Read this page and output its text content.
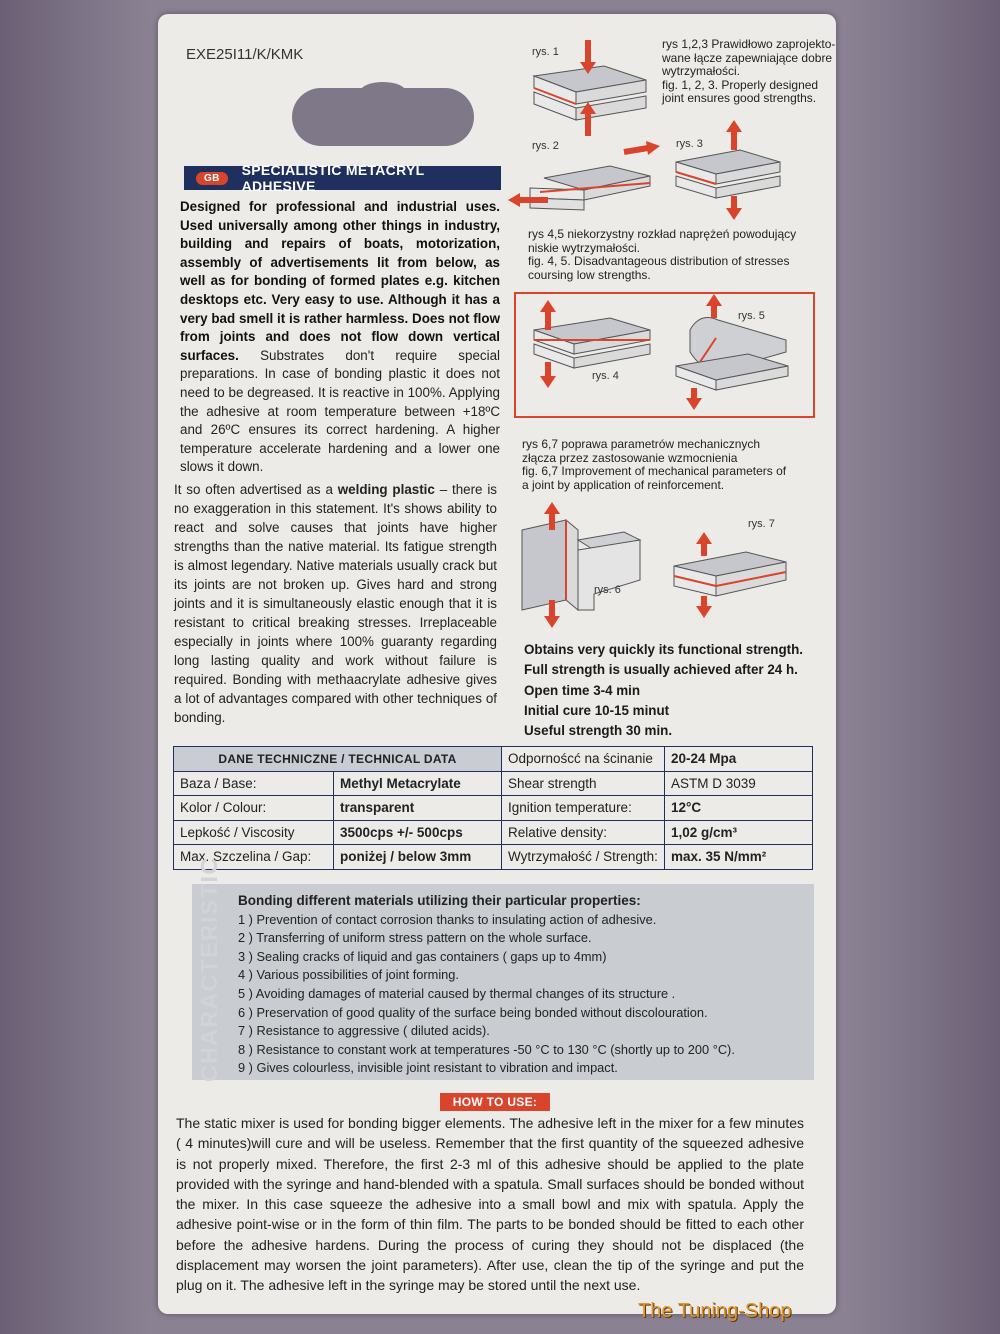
EXE25I11/K/KMK
GB	SPECIALISTIC METACRYL ADHESIVE
Designed for professional and industrial uses. Used universally among other things in industry, building and repairs of boats, motorization, assembly of advertisements lit from below, as well as for bonding of formed plates e.g. kitchen desktops etc. Very easy to use. Although it has a very bad smell it is rather harmless. Does not flow from joints and does not flow down vertical surfaces. Substrates don't require special preparations. In case of bonding plastic it does not need to be degreased. It is reactive in 100%. Applying the adhesive at room temperature between +18ºC and 26ºC ensures its correct hardening. A higher temperature accelerate hardening and a lower one slows it down.
It so often advertised as a welding plastic – there is no exaggeration in this statement. It's shows ability to react and solve causes that joints have higher strengths than the native material. Its fatigue strength is almost legendary. Native materials usually crack but its joints are not broken up. Gives hard and strong joints and it is simultaneously elastic enough that it is resistant to critical breaking stresses. Irreplaceable especially in joints where 100% guaranty regarding long lasting quality and work without failure is required. Bonding with methaacrylate adhesive gives a lot of advantages compared with other techniques of bonding.
rys. 1
rys. 2	rys. 3
rys. 4
rys. 5
rys. 6
rys. 7
rys 1,2,3 Prawidłowo zaprojekto-
wane łącze zapewniające dobre
wytrzymałości.
fig. 1, 2, 3. Properly designed
joint ensures good strengths.
rys 4,5 niekorzystny rozkład naprężeń powodujący
niskie wytrzymałości.
fig. 4, 5. Disadvantageous distribution of stresses
coursing low strengths.
rys 6,7 poprawa parametrów mechanicznych
złącza przez zastosowanie wzmocnienia
fig. 6,7 Improvement of mechanical parameters of
a joint by application of reinforcement.
Obtains very quickly its functional strength.
Full strength is usually achieved after 24 h.
Open time 3-4 min
Initial cure 10-15 minut
Useful strength 30 min.
DANE TECHNICZNE / TECHNICAL DATA		Odpornoścć na ścinanie	20-24 Mpa
Baza / Base:	Methyl Metacrylate	Shear strength	ASTM D 3039
Kolor / Colour:	transparent	Ignition temperature:	12°C
Lepkość / Viscosity	3500cps +/- 500cps	Relative density:	1,02 g/cm³
Max. Szczelina / Gap:	poniżej / below 3mm	Wytrzymałość / Strength:	max. 35 N/mm²
CHARACTERISTIC Bonding different materials utilizing their particular properties:
1 ) Prevention of contact corrosion thanks to insulating action of adhesive.
2 ) Transferring of uniform stress pattern on the whole surface.
3 ) Sealing cracks of liquid and gas containers ( gaps up to 4mm)
4 ) Various possibilities of joint forming.
5 ) Avoiding damages of material caused by thermal changes of its structure .
6 ) Preservation of good quality of the surface being bonded without discolouration.
7 ) Resistance to aggressive ( diluted acids).
8 ) Resistance to constant work at temperatures -50 °C to 130 °C (shortly up to 200 °C).
9 ) Gives colourless, invisible joint resistant to vibration and impact.
HOW TO USE:
The static mixer is used for bonding bigger elements. The adhesive left in the mixer for a few minutes ( 4 minutes)will cure and will be useless. Remember that the first quantity of the squeezed adhesive is not properly mixed. Therefore, the first 2-3 ml of this adhesive should be applied to the plate provided with the syringe and hand-blended with a spatula. Small surfaces should be bonded without the mixer. In this case squeeze the adhesive into a small bowl and mix with spatula. Apply the adhesive point-wise or in the form of thin film. The parts to be bonded should be fitted to each other before the adhesive hardens. During the process of curing they should not be displaced (the displacement may worsen the joint parameters). After use, clean the tip of the syringe and put the plug on it. The adhesive left in the syringe may be stored until the next use.
The Tuning-Shop
